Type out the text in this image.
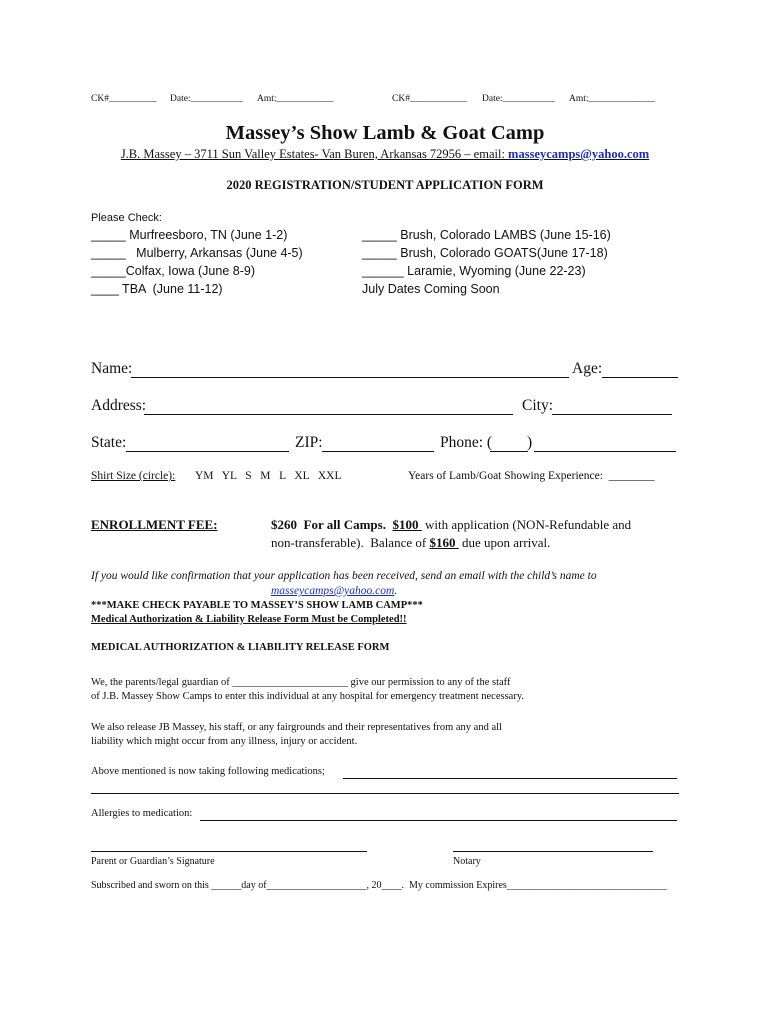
CK#__________ Date:___________ Amt:____________	CK#____________ Date:___________ Amt:______________
Massey’s Show Lamb & Goat Camp
J.B. Massey – 3711 Sun Valley Estates- Van Buren, Arkansas 72956 – email: masseycamps@yahoo.com
2020 REGISTRATION/STUDENT APPLICATION FORM
Please Check:
_____ Murfreesboro, TN (June 1-2)
_____   Mulberry, Arkansas (June 4-5)
_____Colfax, Iowa (June 8-9)
____ TBA  (June 11-12)
_____ Brush, Colorado LAMBS (June 15-16)
_____ Brush, Colorado GOATS(June 17-18)
______ Laramie, Wyoming (June 22-23)
July Dates Coming Soon
Name:	Age:
Address:	City:
State:	ZIP:	Phone: ( )
Shirt Size (circle): YM   YL   S   M   L   XL   XXL	Years of Lamb/Goat Showing Experience:  ________
ENROLLMENT FEE:	$260  For all Camps.  $100  with application (NON-Refundable and
non-transferable).  Balance of $160  due upon arrival.
If you would like confirmation that your application has been received, send an email with the child’s name to
masseycamps@yahoo.com.
***MAKE CHECK PAYABLE TO MASSEY’S SHOW LAMB CAMP***
Medical Authorization & Liability Release Form Must be Completed!!
MEDICAL AUTHORIZATION & LIABILITY RELEASE FORM
We, the parents/legal guardian of ______________________ give our permission to any of the staff
of J.B. Massey Show Camps to enter this individual at any hospital for emergency treatment necessary.
We also release JB Massey, his staff, or any fairgrounds and their representatives from any and all
liability which might occur from any illness, injury or accident.
Above mentioned is now taking following medications;
Allergies to medication:
Parent or Guardian’s Signature	Notary
Subscribed and sworn on this ______day of____________________, 20____.  My commission Expires________________________________
